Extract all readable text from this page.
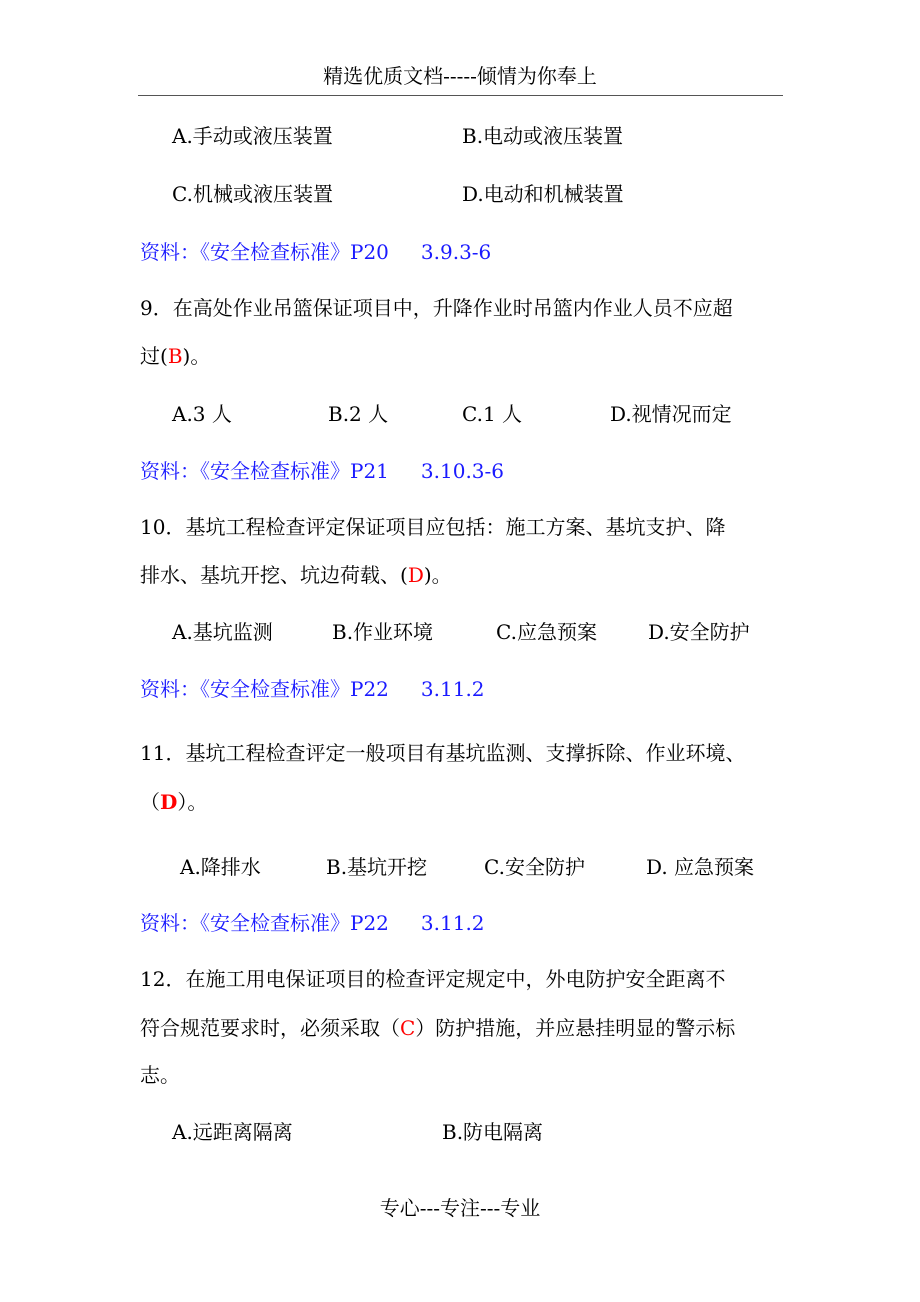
精选优质文档-----倾情为你奉上
A.手动或液压装置	B.电动或液压装置
C.机械或液压装置	D.电动和机械装置
资料：《安全检查标准》P20 3.9.3-6
9．在高处作业吊篮保证项目中，升降作业时吊篮内作业人员不应超
过(B)。
A.3 人	B.2 人	C.1 人	D.视情况而定
资料：《安全检查标准》P21 3.10.3-6
10．基坑工程检查评定保证项目应包括：施工方案、基坑支护、降
排水、基坑开挖、坑边荷载、(D)。
A.基坑监测	B.作业环境	C.应急预案	D.安全防护
资料：《安全检查标准》P22 3.11.2
11．基坑工程检查评定一般项目有基坑监测、支撑拆除、作业环境、
（D）。
A.降排水	B.基坑开挖	C.安全防护	D. 应急预案
资料：《安全检查标准》P22 3.11.2
12．在施工用电保证项目的检查评定规定中，外电防护安全距离不
符合规范要求时，必须采取（C）防护措施，并应悬挂明显的警示标
志。
A.远距离隔离	B.防电隔离
专心---专注---专业
